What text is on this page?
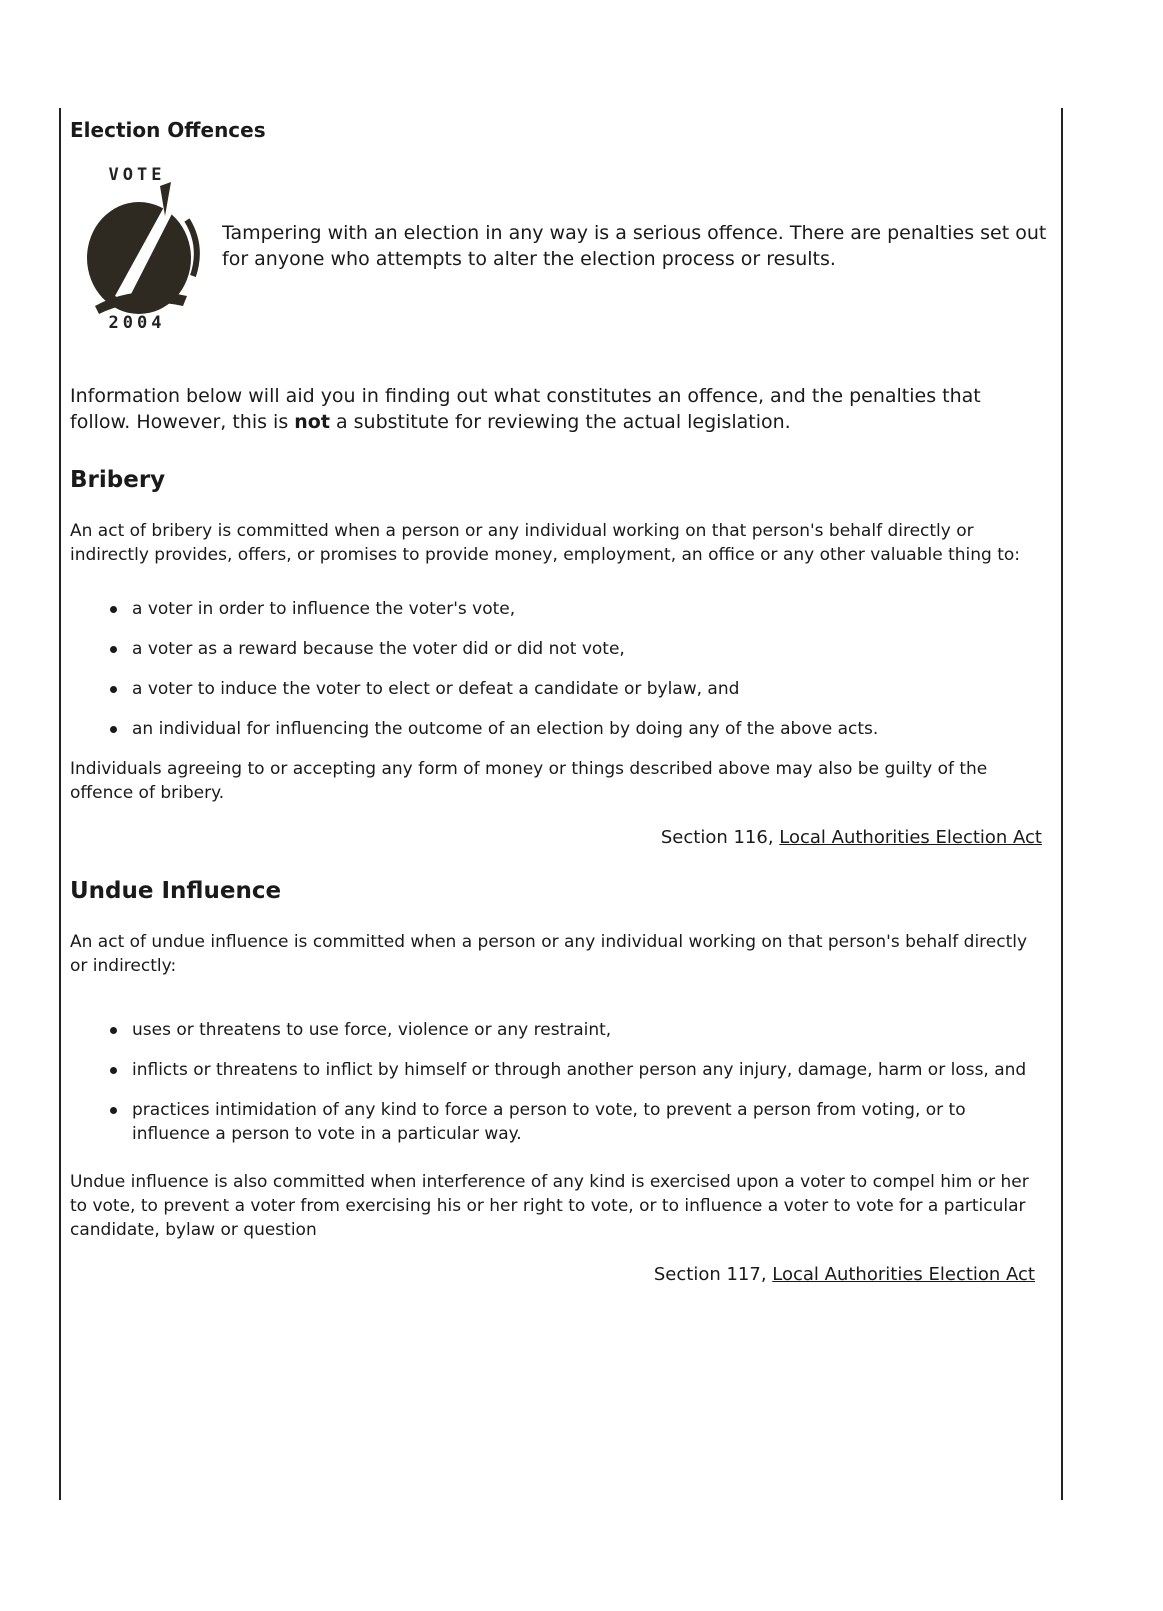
Election Offences
VOTE
2004

Tampering with an election in any way is a serious offence. There are penalties set out for anyone who attempts to alter the election process or results.

Information below will aid you in finding out what constitutes an offence, and the penalties that follow. However, this is not a substitute for reviewing the actual legislation.

Bribery

An act of bribery is committed when a person or any individual working on that person's behalf directly or indirectly provides, offers, or promises to provide money, employment, an office or any other valuable thing to:

a voter in order to influence the voter's vote,
a voter as a reward because the voter did or did not vote,
a voter to induce the voter to elect or defeat a candidate or bylaw, and
an individual for influencing the outcome of an election by doing any of the above acts.

Individuals agreeing to or accepting any form of money or things described above may also be guilty of the offence of bribery.

Section 116, Local Authorities Election Act

Undue Influence

An act of undue influence is committed when a person or any individual working on that person's behalf directly or indirectly:

uses or threatens to use force, violence or any restraint,
inflicts or threatens to inflict by himself or through another person any injury, damage, harm or loss, and
practices intimidation of any kind to force a person to vote, to prevent a person from voting, or to influence a person to vote in a particular way.

Undue influence is also committed when interference of any kind is exercised upon a voter to compel him or her to vote, to prevent a voter from exercising his or her right to vote, or to influence a voter to vote for a particular candidate, bylaw or question

Section 117, Local Authorities Election Act
